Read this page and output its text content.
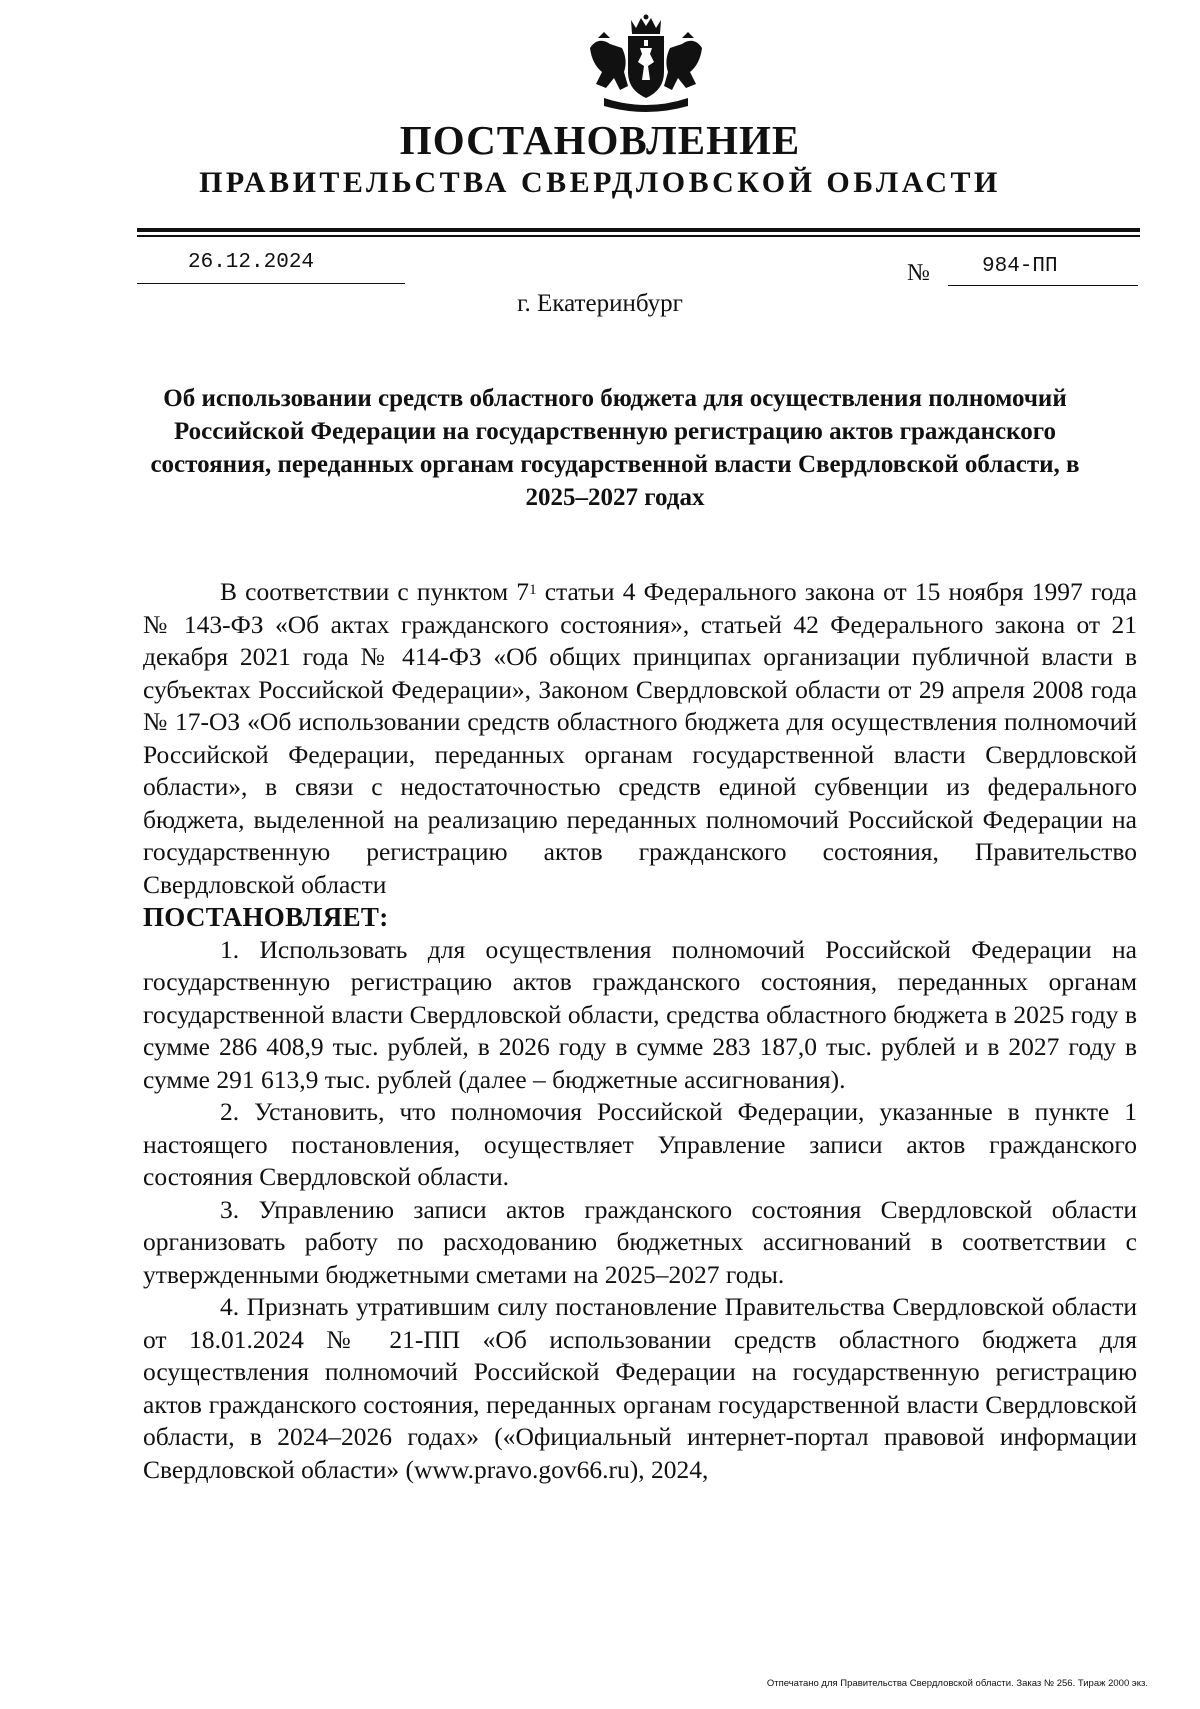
ПОСТАНОВЛЕНИЕ
ПРАВИТЕЛЬСТВА СВЕРДЛОВСКОЙ ОБЛАСТИ
26.12.2024	№ 984-ПП
г. Екатеринбург
Об использовании средств областного бюджета для осуществления полномочий Российской Федерации на государственную регистрацию актов гражданского состояния, переданных органам государственной власти Свердловской области, в 2025–2027 годах

В соответствии с пунктом $7^1$ статьи 4 Федерального закона от 15 ноября 1997 года № 143-ФЗ «Об актах гражданского состояния», статьей 42 Федерального закона от 21 декабря 2021 года № 414-ФЗ «Об общих принципах организации публичной власти в субъектах Российской Федерации», Законом Свердловской области от 29 апреля 2008 года № 17-ОЗ «Об использовании средств областного бюджета для осуществления полномочий Российской Федерации, переданных органам государственной власти Свердловской области», в связи с недостаточностью средств единой субвенции из федерального бюджета, выделенной на реализацию переданных полномочий Российской Федерации на государственную регистрацию актов гражданского состояния, Правительство Свердловской области

ПОСТАНОВЛЯЕТ:

1. Использовать для осуществления полномочий Российской Федерации на государственную регистрацию актов гражданского состояния, переданных органам государственной власти Свердловской области, средства областного бюджета в 2025 году в сумме 286 408,9 тыс. рублей, в 2026 году в сумме 283 187,0 тыс. рублей и в 2027 году в сумме 291 613,9 тыс. рублей (далее – бюджетные ассигнования).

2. Установить, что полномочия Российской Федерации, указанные в пункте 1 настоящего постановления, осуществляет Управление записи актов гражданского состояния Свердловской области.

3. Управлению записи актов гражданского состояния Свердловской области организовать работу по расходованию бюджетных ассигнований в соответствии с утвержденными бюджетными сметами на 2025–2027 годы.

4. Признать утратившим силу постановление Правительства Свердловской области от 18.01.2024 № 21-ПП «Об использовании средств областного бюджета для осуществления полномочий Российской Федерации на государственную регистрацию актов гражданского состояния, переданных органам государственной власти Свердловской области, в 2024–2026 годах» («Официальный интернет-портал правовой информации Свердловской области» (www.pravo.gov66.ru), 2024,

Отпечатано для Правительства Свердловской области. Заказ № 256. Тираж 2000 экз.
